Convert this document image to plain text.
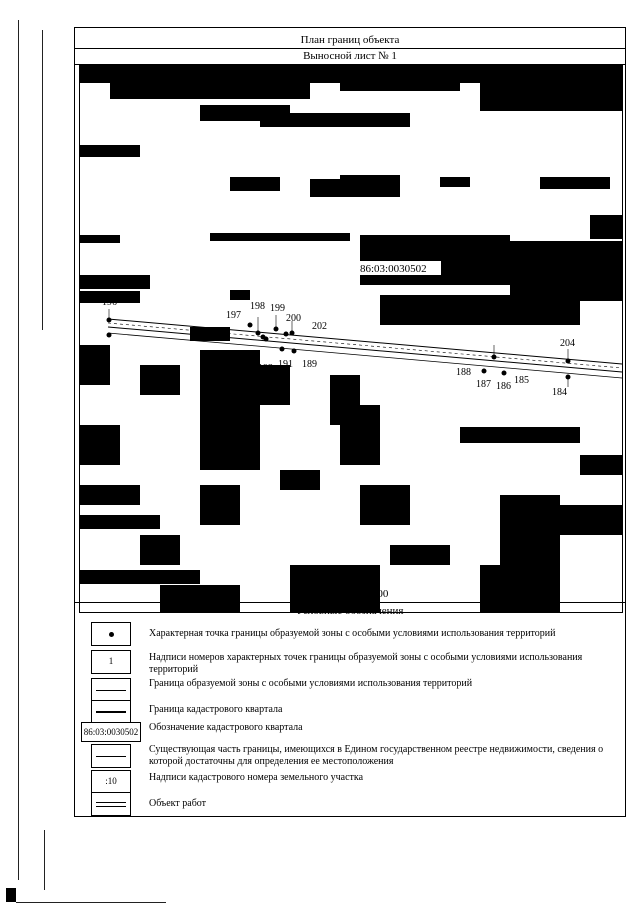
План границ объекта
Выносной лист № 1
86:03:0030502
196
197
198 199
200
202
195
194
193 191 189
188
187 186
185
204
184
Масштаб 1:1000
Условные обозначения
Характерная точка границы образуемой зоны с особыми условиями использования территорий
1	Надписи номеров характерных точек границы образуемой зоны с особыми условиями использования территорий
Граница образуемой зоны с особыми условиями использования территорий
Граница кадастрового квартала
86:03:0030502 Обозначение кадастрового квартала
Существующая часть границы, имеющихся в Едином государственном реестре недвижимости, сведения о которой достаточны для определения ее местоположения
:10	Надписи кадастрового номера земельного участка
Объект работ
